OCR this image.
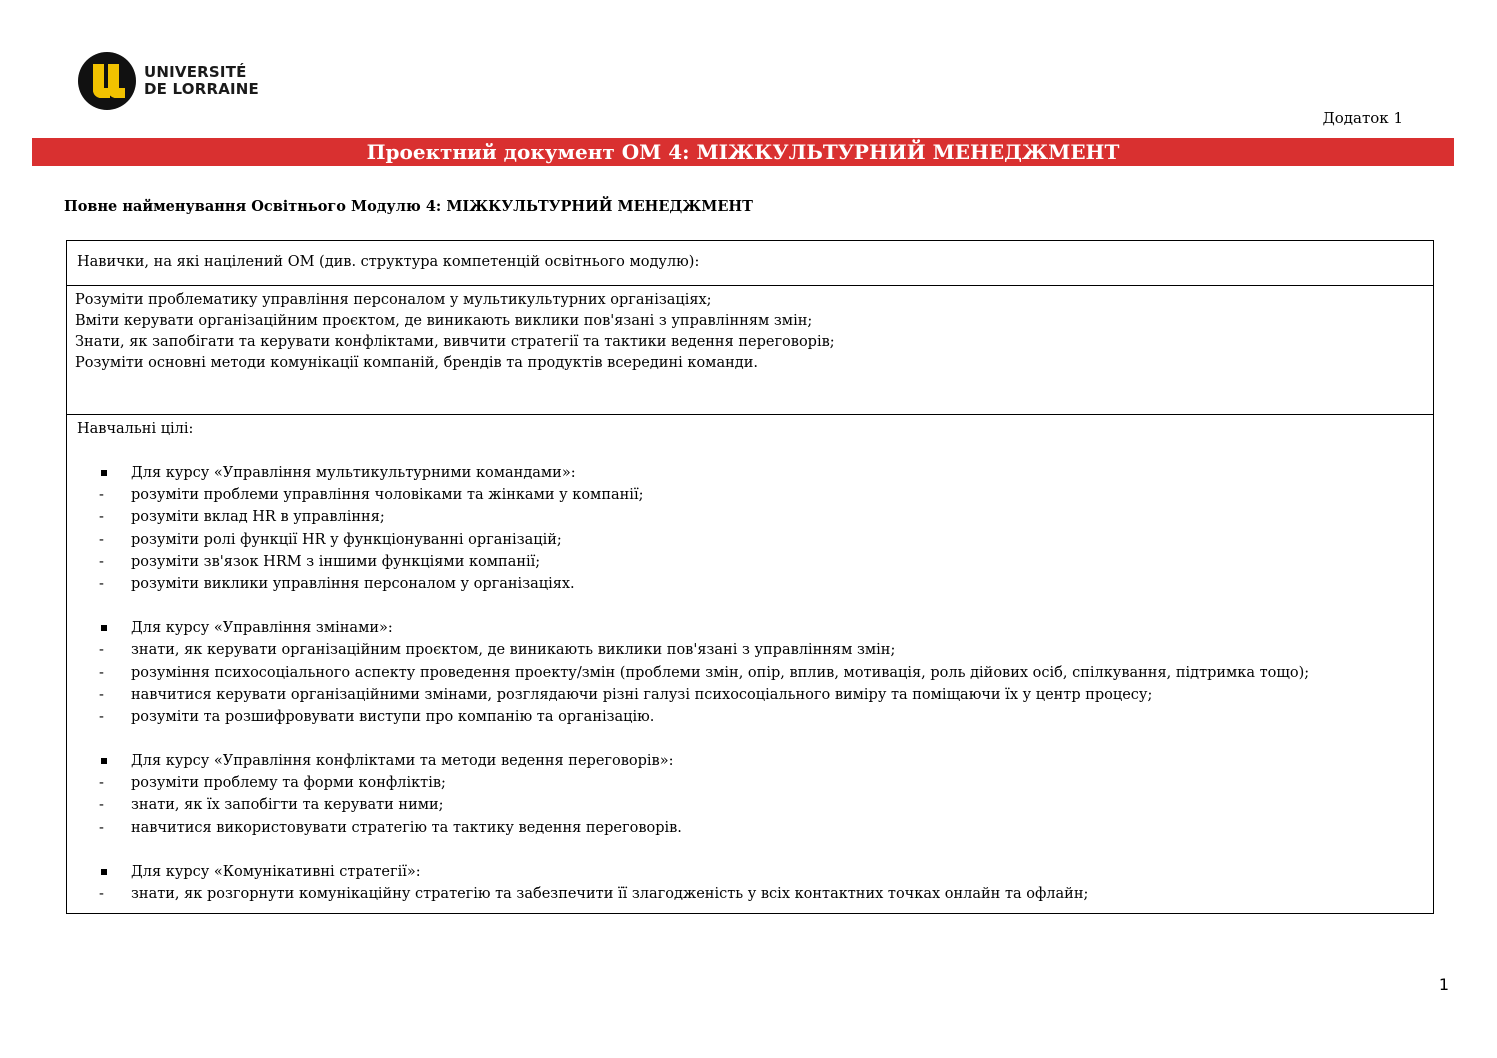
UNIVERSITÉ
DE LORRAINE
Додаток 1
Проектний документ ОМ 4: МІЖКУЛЬТУРНИЙ МЕНЕДЖМЕНТ
Повне найменування Освітнього Модулю 4: МІЖКУЛЬТУРНИЙ МЕНЕДЖМЕНТ
Навички, на які націлений ОМ (див. структура компетенцій освітнього модулю):
Розуміти проблематику управління персоналом у мультикультурних організаціях;
Вміти керувати організаційним проєктом, де виникають виклики пов'язані з управлінням змін;
Знати, як запобігати та керувати конфліктами, вивчити стратегії та тактики ведення переговорів;
Розуміти основні методи комунікації компаній, брендів та продуктів всередині команди.
Навчальні цілі:
Для курсу «Управління мультикультурними командами»:
- розуміти проблеми управління чоловіками та жінками у компанії;
- розуміти вклад HR в управління;
- розуміти ролі функції HR у функціонуванні організацій;
- розуміти зв'язок HRM з іншими функціями компанії;
- розуміти виклики управління персоналом у організаціях.
Для курсу «Управління змінами»:
- знати, як керувати організаційним проєктом, де виникають виклики пов'язані з управлінням змін;
- розуміння психосоціального аспекту проведення проекту/змін (проблеми змін, опір, вплив, мотивація, роль дійових осіб, спілкування, підтримка тощо);
- навчитися керувати організаційними змінами, розглядаючи різні галузі психосоціального виміру та поміщаючи їх у центр процесу;
- розуміти та розшифровувати виступи про компанію та організацію.
Для курсу «Управління конфліктами та методи ведення переговорів»:
- розуміти проблему та форми конфліктів;
- знати, як їх запобігти та керувати ними;
- навчитися використовувати стратегію та тактику ведення переговорів.
Для курсу «Комунікативні стратегії»:
- знати, як розгорнути комунікаційну стратегію та забезпечити її злагодженість у всіх контактних точках онлайн та офлайн;
1
